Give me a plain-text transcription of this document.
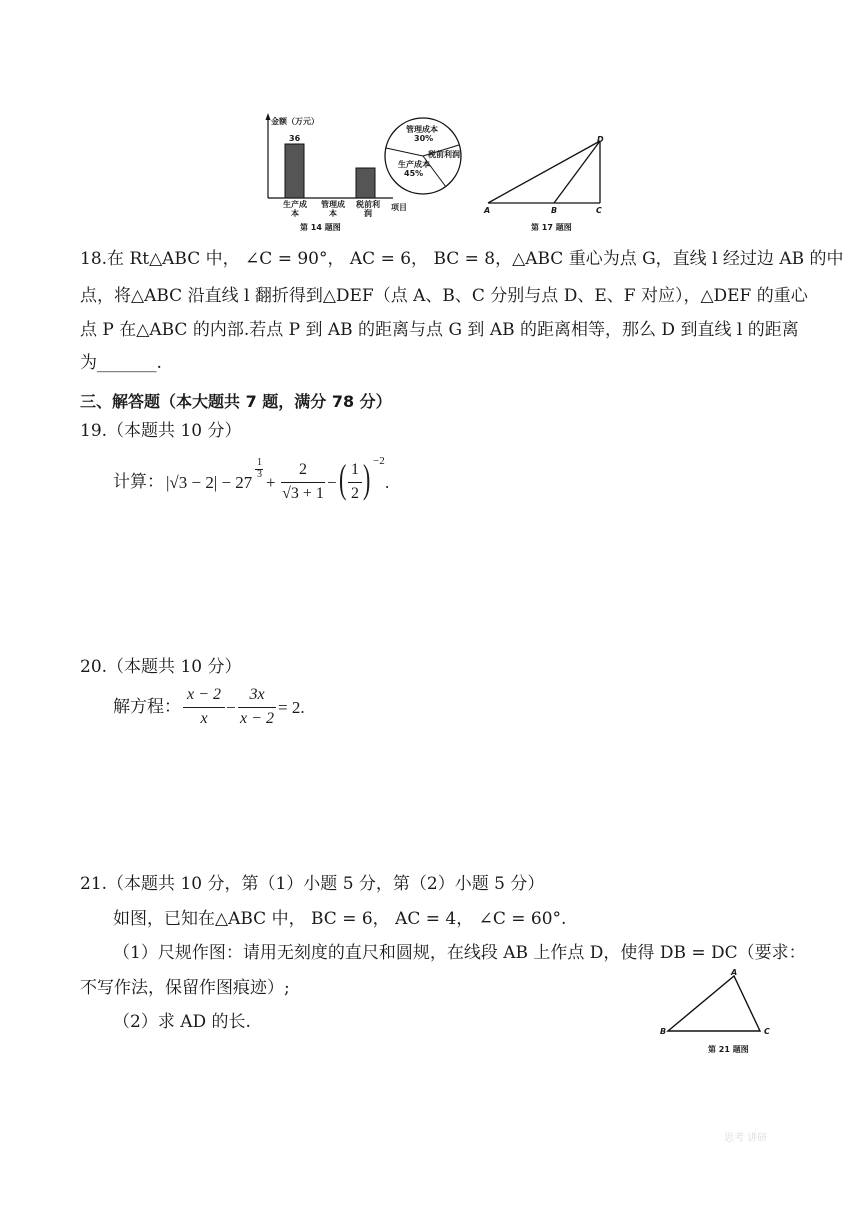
金额（万元）
36
生产成本
管理成本
税前利润
项目
管理成本
30%
税前利润
生产成本
45%
第 14 题图
D
A	B	C
第 17 题图
18.在 Rt△ABC 中， ∠C = 90°， AC = 6， BC = 8，△ABC 重心为点 G，直线 l 经过边 AB 的中
点，将△ABC 沿直线 l 翻折得到△DEF（点 A、B、C 分别与点 D、E、F 对应），△DEF 的重心
点 P 在△ABC 的内部.若点 P 到 AB 的距离与点 G 到 AB 的距离相等，那么 D 到直线 l 的距离
为_______.
三、解答题（本大题共 7 题，满分 78 分）
19.（本题共 10 分）
计算： |√3 − 2| − 27
1
3 +
2
√3 + 1
− ( 1
2 ) −2
.
20.（本题共 10 分）
解方程：
x − 2
x
−
3x
x − 2
= 2.
21.（本题共 10 分，第（1）小题 5 分，第（2）小题 5 分）
如图，已知在△ABC 中， BC = 6， AC = 4， ∠C = 60°.
（1）尺规作图：请用无刻度的直尺和圆规，在线段 AB 上作点 D，使得 DB = DC（要求：
不写作法，保留作图痕迹）;
（2）求 AD 的长.
A
B	C
第 21 题图
思考 讲研
